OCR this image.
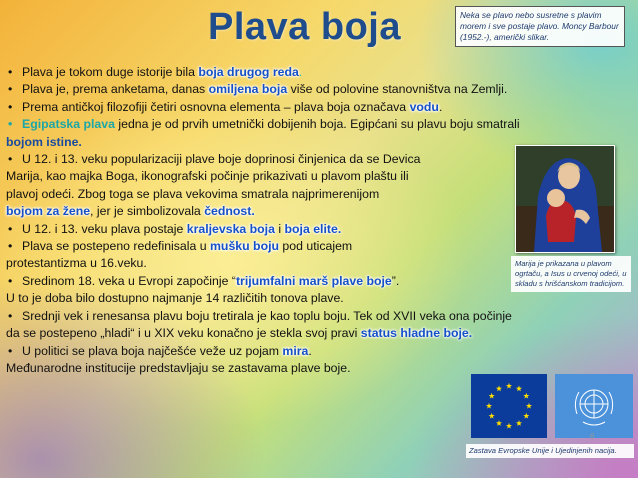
Plava boja	Neka se plavo nebo susretne s plavim morem i sve postaje plavo. Moncy Barbour (1952.-), američki slikar.
• Plava je tokom duge istorije bila boja drugog reda.
• Plava je, prema anketama, danas omiljena boja više od polovine stanovništva na Zemlji.
• Prema antičkoj filozofiji četiri osnovna elementa – plava boja označava vodu.
• Egipatska plava jedna je od prvih umetnički dobijenih boja. Egipćani su plavu boju smatrali
bojom istine.
• U 12. i 13. veku popularizaciji plave boje doprinosi činjenica da se Devica
Marija, kao majka Boga, ikonografski počinje prikazivati u plavom plaštu ili
plavoj odeći. Zbog toga se plava vekovima smatrala najprimerenijom
bojom za žene, jer je simbolizovala čednost.
• U 12. i 13. veku plava postaje kraljevska boja i boja elite.
• Plava se postepeno redefinisala u mušku boju pod uticajem
protestantizma u 16.veku.
• Sredinom 18. veka u Evropi započinje “trijumfalni marš plave boje”.
U to je doba bilo dostupno najmanje 14 različitih tonova plave.
• Srednji vek i renesansa plavu boju tretirala je kao toplu boju. Tek od XVII veka ona počinje
da se postepeno „hladi“ i u XIX veku konačno je stekla svoj pravi status hladne boje.
• U politici se plava boja najčešće veže uz pojam mira.
Međunarodne institucije predstavljaju se zastavama plave boje.
Marija je prikazana u plavom ogrtaču, a Isus u crvenoj odeći, u skladu s hrišćanskom tradicijom.
Zastava Evropske Unije i Ujedinjenih nacija.
6
